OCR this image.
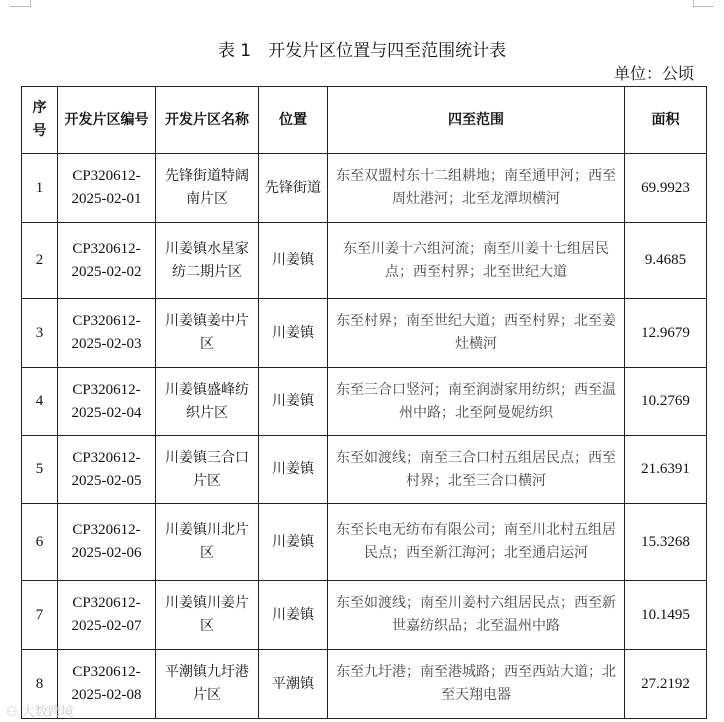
表 1　开发片区位置与四至范围统计表
单位：公顷
序号	开发片区编号	开发片区名称	位置	四至范围	面积
1	CP320612-2025-02-01	先锋街道特阔南片区	先锋街道	东至双盟村东十二组耕地；南至通甲河；西至周灶港河；北至龙潭坝横河	69.9923
2	CP320612-2025-02-02	川姜镇水星家纺二期片区	川姜镇	东至川姜十六组河流；南至川姜十七组居民点；西至村界；北至世纪大道	9.4685
3	CP320612-2025-02-03	川姜镇姜中片区	川姜镇	东至村界；南至世纪大道；西至村界；北至姜灶横河	12.9679
4	CP320612-2025-02-04	川姜镇盛峰纺织片区	川姜镇	东至三合口竖河；南至润澍家用纺织；西至温州中路；北至阿曼妮纺织	10.2769
5	CP320612-2025-02-05	川姜镇三合口片区	川姜镇	东至如渡线；南至三合口村五组居民点；西至村界；北至三合口横河	21.6391
6	CP320612-2025-02-06	川姜镇川北片区	川姜镇	东至长电无纺布有限公司；南至川北村五组居民点；西至新江海河；北至通启运河	15.3268
7	CP320612-2025-02-07	川姜镇川姜片区	川姜镇	东至如渡线；南至川姜村六组居民点；西至新世嘉纺织品；北至温州中路	10.1495
8	CP320612-2025-02-08	平潮镇九圩港片区	平潮镇	东至九圩港；南至港城路；西至西站大道；北至天翔电器	27.2192
⚇ 大数跨境
